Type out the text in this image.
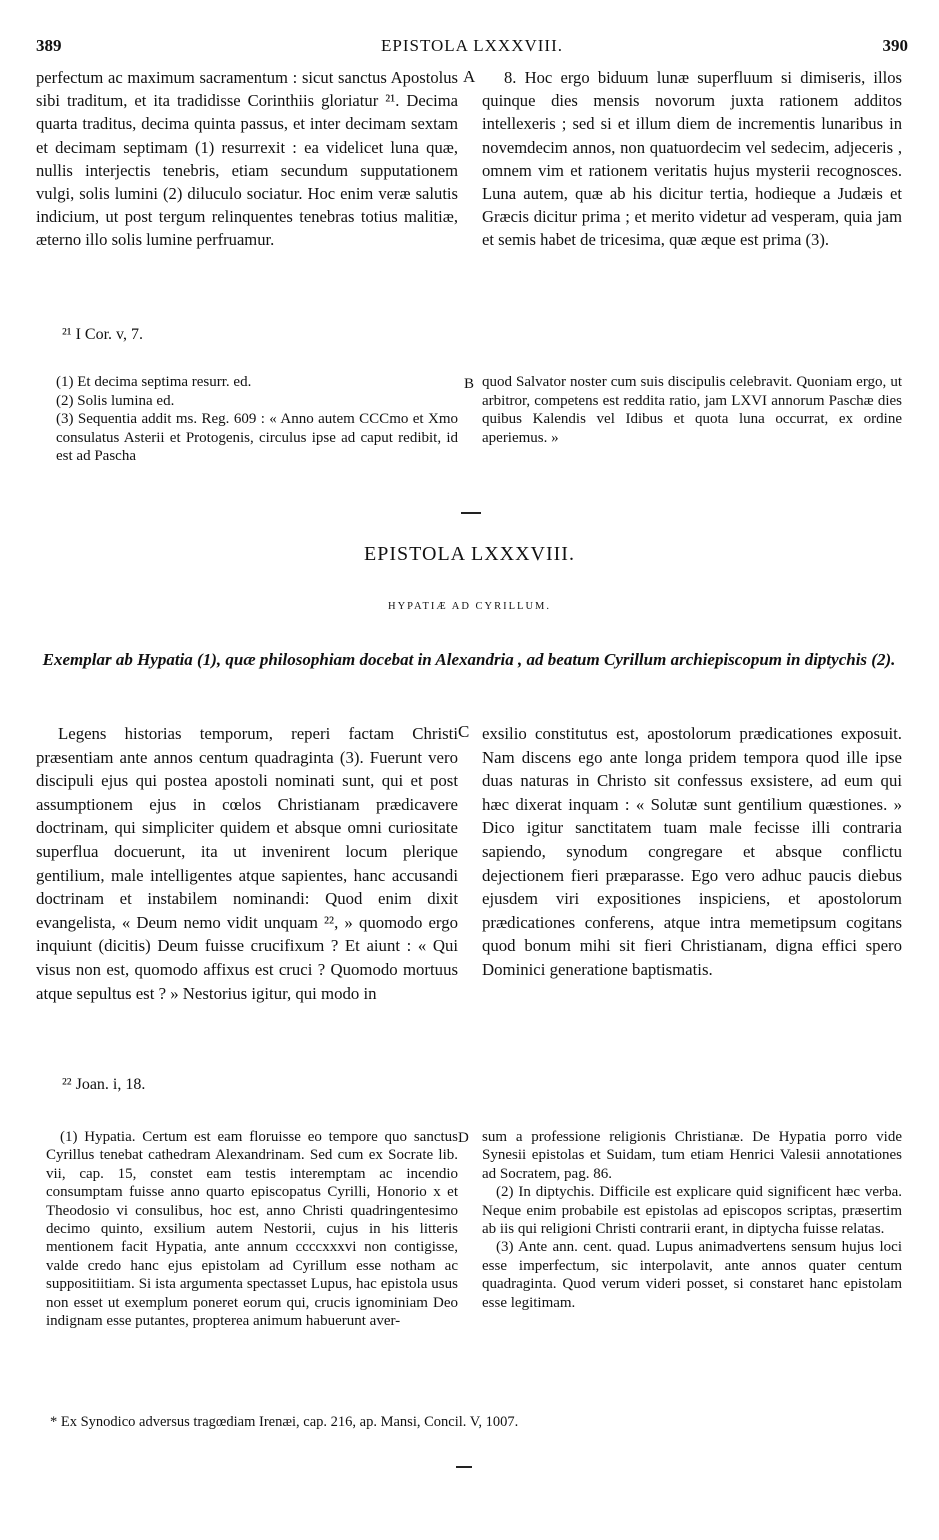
389	EPISTOLA LXXXVIII.	390

perfectum ac maximum sacramentum : sicut sanctus Apostolus sibi traditum, et ita tradidisse Corinthiis gloriatur ²¹. Decima quarta traditus, decima quinta passus, et inter decimam sextam et decimam septimam (1) resurrexit : ea videlicet luna quæ, nullis interjectis tenebris, etiam secundum supputationem vulgi, solis lumini (2) diluculo sociatur. Hoc enim veræ salutis indicium, ut post tergum relinquentes tenebras totius malitiæ, æterno illo solis lumine perfruamur.

A	8. Hoc ergo biduum lunæ superfluum si dimiseris, illos quinque dies mensis novorum juxta rationem additos intellexeris ; sed si et illum diem de incrementis lunaribus in novemdecim annos, non quatuordecim vel sedecim, adjeceris , omnem vim et rationem veritatis hujus mysterii recognosces. Luna autem, quæ ab his dicitur tertia, hodieque a Judæis et Græcis dicitur prima ; et merito videtur ad vesperam, quia jam et semis habet de tricesima, quæ æque est prima (3).

²¹ I Cor. v, 7.

(1) Et decima septima resurr. ed.

(2) Solis lumina ed.

(3) Sequentia addit ms. Reg. 609 : « Anno autem CCCmo et Xmo consulatus Asterii et Protogenis, circulus ipse ad caput redibit, id est ad Pascha

B quod Salvator noster cum suis discipulis celebravit. Quoniam ergo, ut arbitror, competens est reddita ratio, jam LXVI annorum Paschæ dies quibus Kalendis vel Idibus et quota luna occurrat, ex ordine aperiemus. »

EPISTOLA LXXXVIII.
HYPATIÆ AD CYRILLUM.
Exemplar ab Hypatia (1), quæ philosophiam docebat in Alexandria , ad beatum Cyrillum archiepiscopum in diptychis (2).

Legens historias temporum, reperi factam Christi præsentiam ante annos centum quadraginta (3). Fuerunt vero discipuli ejus qui postea apostoli nominati sunt, qui et post assumptionem ejus in cœlos Christianam prædicavere doctrinam, qui simpliciter quidem et absque omni curiositate superflua docuerunt, ita ut invenirent locum plerique gentilium, male intelligentes atque sapientes, hanc accusandi doctrinam et instabilem nominandi: Quod enim dixit evangelista, « Deum nemo vidit unquam ²², » quomodo ergo inquiunt (dicitis) Deum fuisse crucifixum ? Et aiunt : « Qui visus non est, quomodo affixus est cruci ? Quomodo mortuus atque sepultus est ? » Nestorius igitur, qui modo in

C exsilio constitutus est, apostolorum prædicationes exposuit. Nam discens ego ante longa pridem tempora quod ille ipse duas naturas in Christo sit confessus exsistere, ad eum qui hæc dixerat inquam : « Solutæ sunt gentilium quæstiones. » Dico igitur sanctitatem tuam male fecisse illi contraria sapiendo, synodum congregare et absque conflictu dejectionem fieri præparasse. Ego vero adhuc paucis diebus ejusdem viri expositiones inspiciens, et apostolorum prædicationes conferens, atque intra memetipsum cogitans quod bonum mihi sit fieri Christianam, digna effici spero Dominici generatione baptismatis.

²² Joan. i, 18.

(1) Hypatia. Certum est eam floruisse eo tempore quo sanctus Cyrillus tenebat cathedram Alexandrinam. Sed cum ex Socrate lib. vii, cap. 15, constet eam testis interemptam ac incendio consumptam fuisse anno quarto episcopatus Cyrilli, Honorio x et Theodosio vi consulibus, hoc est, anno Christi quadringentesimo decimo quinto, exsilium autem Nestorii, cujus in his litteris mentionem facit Hypatia, ante annum ccccxxxvi non contigisse, valde credo hanc ejus epistolam ad Cyrillum esse notham ac suppositiitiam. Si ista argumenta spectasset Lupus, hac epistola usus non esset ut exemplum poneret eorum qui, crucis ignominiam Deo indignam esse putantes, propterea animum habuerunt aver-

D sum a professione religionis Christianæ. De Hypatia porro vide Synesii epistolas et Suidam, tum etiam Henrici Valesii annotationes ad Socratem, pag. 86.

(2) In diptychis. Difficile est explicare quid significent hæc verba. Neque enim probabile est epistolas ad episcopos scriptas, præsertim ab iis qui religioni Christi contrarii erant, in diptycha fuisse relatas.

(3) Ante ann. cent. quad. Lupus animadvertens sensum hujus loci esse imperfectum, sic interpolavit, ante annos quater centum quadraginta. Quod verum videri posset, si constaret hanc epistolam esse legitimam.

* Ex Synodico adversus tragœdiam Irenæi, cap. 216, ap. Mansi, Concil. V, 1007.
